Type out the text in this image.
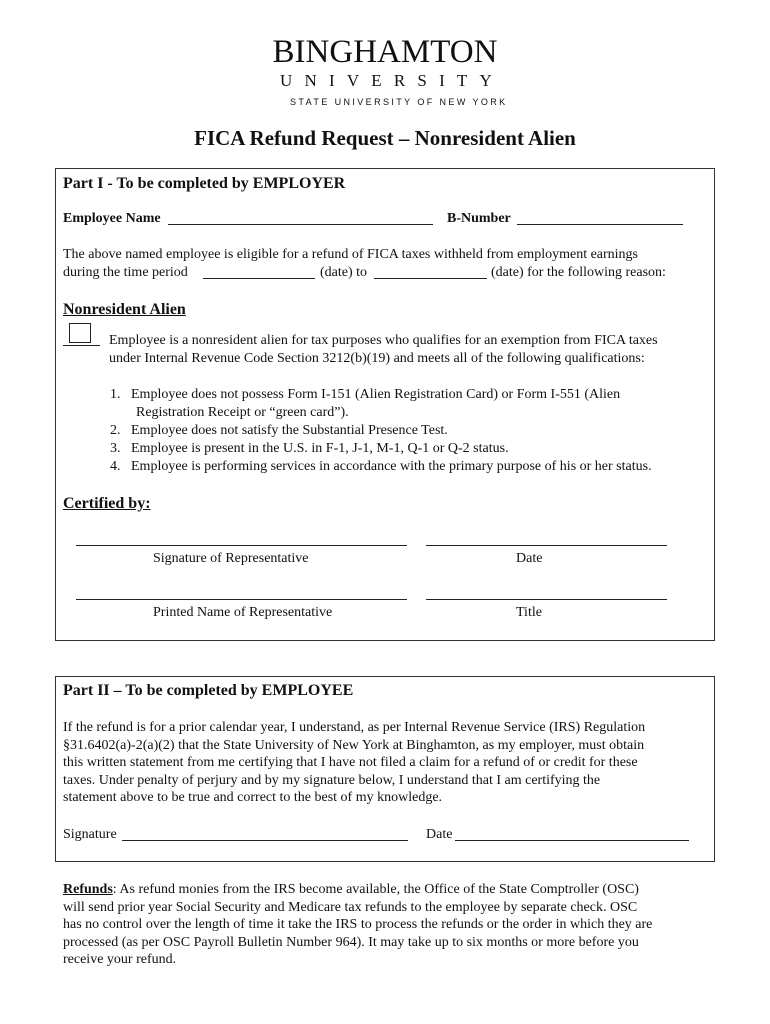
BINGHAMTON
UNIVERSITY
STATE UNIVERSITY OF NEW YORK
FICA Refund Request – Nonresident Alien
Part I - To be completed by EMPLOYER
Employee Name	B-Number
The above named employee is eligible for a refund of FICA taxes withheld from employment earnings
during the time period	(date) to	(date) for the following reason:
Nonresident Alien
Employee is a nonresident alien for tax purposes who qualifies for an exemption from FICA taxes
under Internal Revenue Code Section 3212(b)(19) and meets all of the following qualifications:
1. Employee does not possess Form I-151 (Alien Registration Card) or Form I-551 (Alien
Registration Receipt or “green card”).
2. Employee does not satisfy the Substantial Presence Test.
3. Employee is present in the U.S. in F-1, J-1, M-1, Q-1 or Q-2 status.
4. Employee is performing services in accordance with the primary purpose of his or her status.
Certified by:
Signature of Representative	Date
Printed Name of Representative	Title
Part II – To be completed by EMPLOYEE
If the refund is for a prior calendar year, I understand, as per Internal Revenue Service (IRS) Regulation
§31.6402(a)-2(a)(2) that the State University of New York at Binghamton, as my employer, must obtain
this written statement from me certifying that I have not filed a claim for a refund of or credit for these
taxes. Under penalty of perjury and by my signature below, I understand that I am certifying the
statement above to be true and correct to the best of my knowledge.
Signature	Date
Refunds: As refund monies from the IRS become available, the Office of the State Comptroller (OSC)
will send prior year Social Security and Medicare tax refunds to the employee by separate check. OSC
has no control over the length of time it take the IRS to process the refunds or the order in which they are
processed (as per OSC Payroll Bulletin Number 964). It may take up to six months or more before you
receive your refund.
